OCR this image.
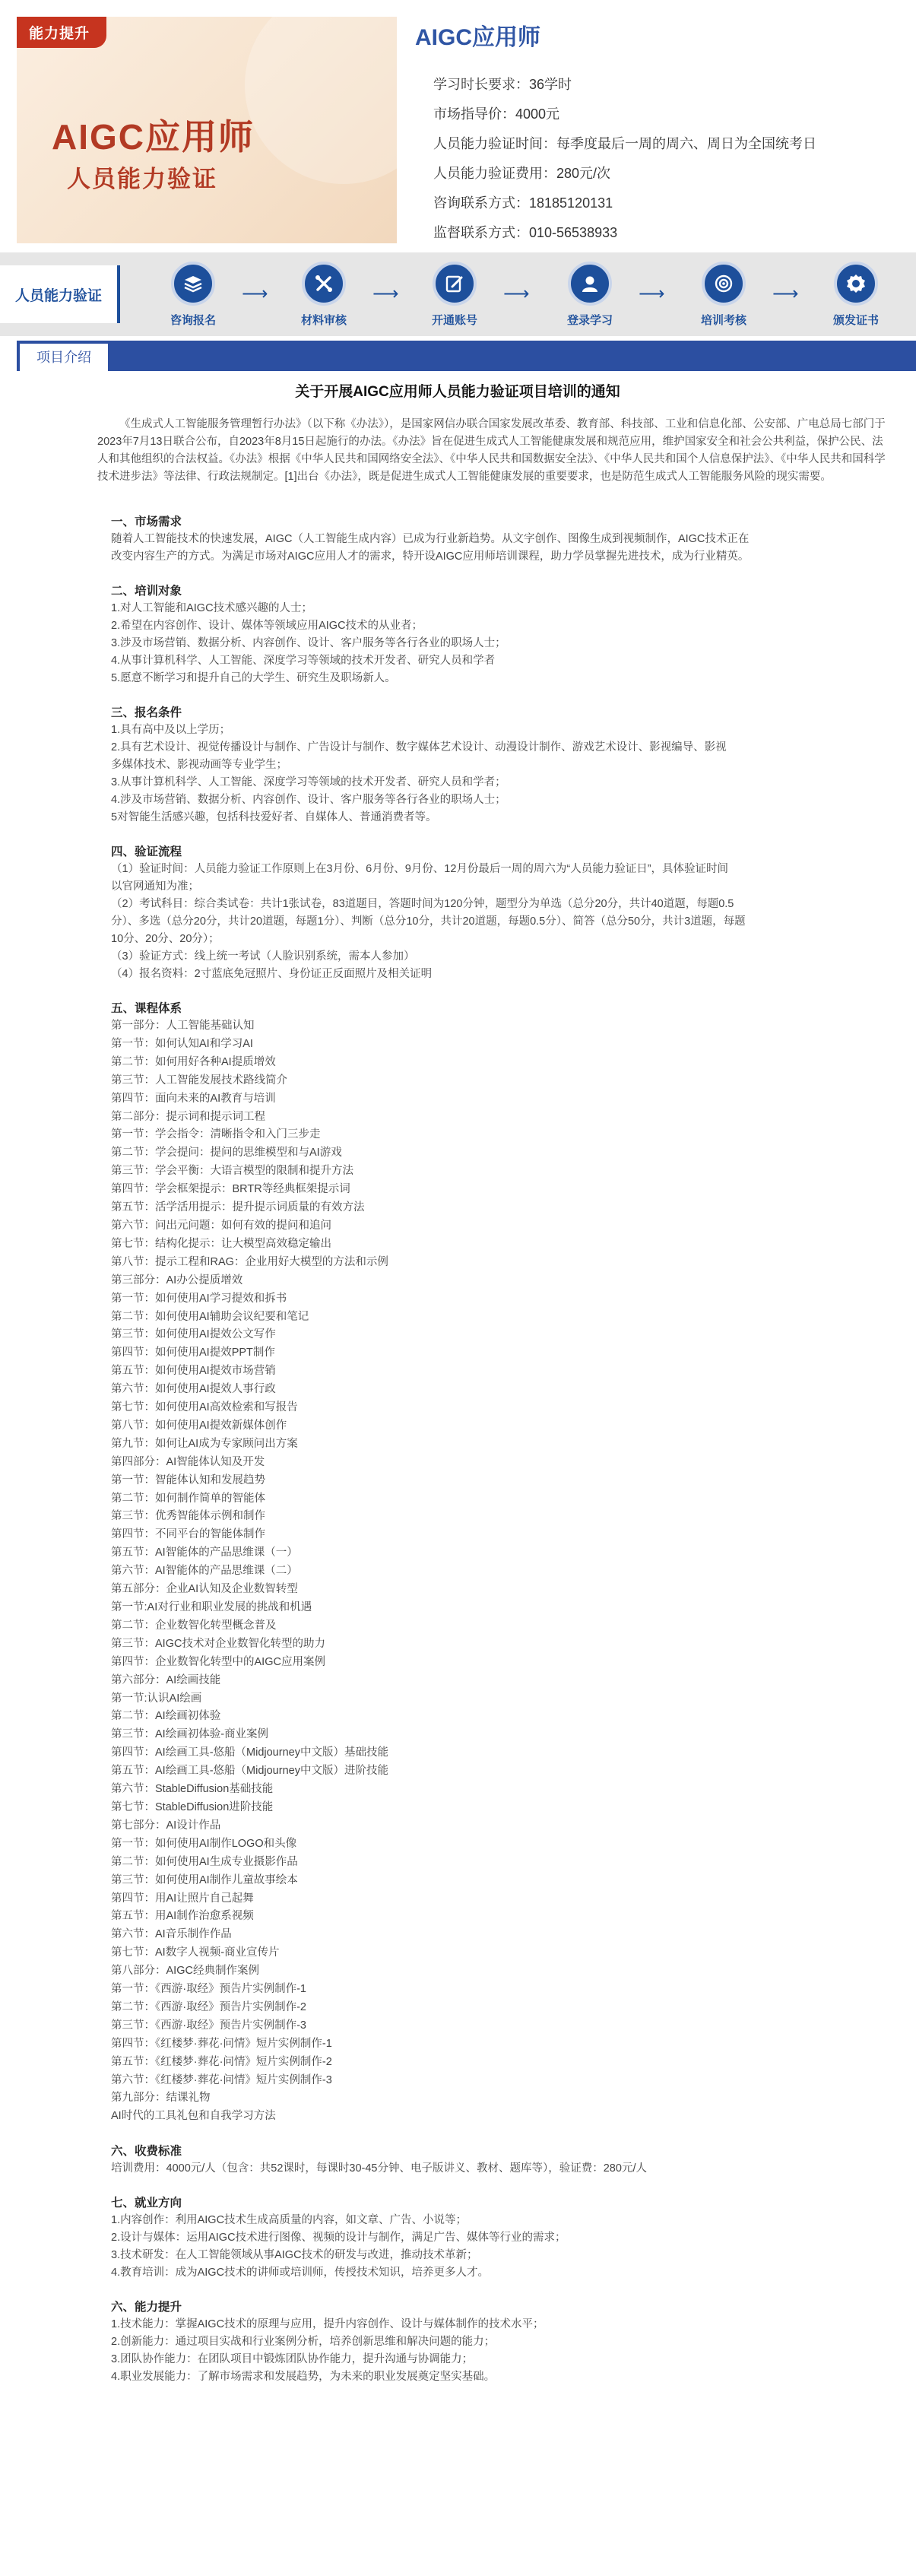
能力提升
AIGC应用师
人员能力验证
AIGC应用师
学习时长要求：36学时
市场指导价：4000元
人员能力验证时间：每季度最后一周的周六、周日为全国统考日
人员能力验证费用：280元/次
咨询联系方式：18185120131
监督联系方式：010-56538933
人员能力验证
咨询报名
⟶
材料审核
⟶
开通账号
⟶
登录学习
⟶
培训考核
⟶
颁发证书
项目介绍
关于开展AIGC应用师人员能力验证项目培训的通知
《生成式人工智能服务管理暂行办法》（以下称《办法》），是国家网信办联合国家发展改革委、教育部、科技部、工业和信息化部、公安部、广电总局七部门于2023年7月13日联合公布，自2023年8月15日起施行的办法。《办法》旨在促进生成式人工智能健康发展和规范应用，维护国家安全和社会公共利益，保护公民、法人和其他组织的合法权益。《办法》根据《中华人民共和国网络安全法》、《中华人民共和国数据安全法》、《中华人民共和国个人信息保护法》、《中华人民共和国科学技术进步法》等法律、行政法规制定。[1]出台《办法》，既是促进生成式人工智能健康发展的重要要求，也是防范生成式人工智能服务风险的现实需要。
一、市场需求
随着人工智能技术的快速发展，AIGC（人工智能生成内容）已成为行业新趋势。从文字创作、图像生成到视频制作，AIGC技术正在
改变内容生产的方式。为满足市场对AIGC应用人才的需求，特开设AIGC应用师培训课程，助力学员掌握先进技术，成为行业精英。
二、培训对象
1.对人工智能和AIGC技术感兴趣的人士；
2.希望在内容创作、设计、媒体等领域应用AIGC技术的从业者；
3.涉及市场营销、数据分析、内容创作、设计、客户服务等各行各业的职场人士；
4.从事计算机科学、人工智能、深度学习等领域的技术开发者、研究人员和学者
5.愿意不断学习和提升自己的大学生、研究生及职场新人。
三、报名条件
1.具有高中及以上学历；
2.具有艺术设计、视觉传播设计与制作、广告设计与制作、数字媒体艺术设计、动漫设计制作、游戏艺术设计、影视编导、影视
多媒体技术、影视动画等专业学生；
3.从事计算机科学、人工智能、深度学习等领域的技术开发者、研究人员和学者；
4.涉及市场营销、数据分析、内容创作、设计、客户服务等各行各业的职场人士；
5对智能生活感兴趣，包括科技爱好者、自媒体人、普通消费者等。
四、验证流程
（1）验证时间：人员能力验证工作原则上在3月份、6月份、9月份、12月份最后一周的周六为“人员能力验证日”，具体验证时间
以官网通知为准；
（2）考试科目：综合类试卷：共计1张试卷，83道题目，答题时间为120分钟，题型分为单选（总分20分，共计40道题，每题0.5
分）、多选（总分20分，共计20道题，每题1分）、判断（总分10分，共计20道题，每题0.5分）、简答（总分50分，共计3道题，每题
10分、20分、20分）；
（3）验证方式：线上统一考试（人脸识别系统，需本人参加）
（4）报名资料：2寸蓝底免冠照片、身份证正反面照片及相关证明
五、课程体系
第一部分：人工智能基础认知
第一节：如何认知AI和学习AI
第二节：如何用好各种AI提质增效
第三节：人工智能发展技术路线简介
第四节：面向未来的AI教育与培训
第二部分：提示词和提示词工程
第一节：学会指令：清晰指令和入门三步走
第二节：学会提问：提问的思维模型和与AI游戏
第三节：学会平衡：大语言模型的限制和提升方法
第四节：学会框架提示：BRTR等经典框架提示词
第五节：活学活用提示：提升提示词质量的有效方法
第六节：问出元问题：如何有效的提问和追问
第七节：结构化提示：让大模型高效稳定输出
第八节：提示工程和RAG：企业用好大模型的方法和示例
第三部分：AI办公提质增效
第一节：如何使用AI学习提效和拆书
第二节：如何使用AI辅助会议纪要和笔记
第三节：如何使用AI提效公文写作
第四节：如何使用AI提效PPT制作
第五节：如何使用AI提效市场营销
第六节：如何使用AI提效人事行政
第七节：如何使用AI高效检索和写报告
第八节：如何使用AI提效新媒体创作
第九节：如何让AI成为专家顾问出方案
第四部分：AI智能体认知及开发
第一节：智能体认知和发展趋势
第二节：如何制作简单的智能体
第三节：优秀智能体示例和制作
第四节：不同平台的智能体制作
第五节：AI智能体的产品思维课（一）
第六节：AI智能体的产品思维课（二）
第五部分：企业AI认知及企业数智转型
第一节:AI对行业和职业发展的挑战和机遇
第二节：企业数智化转型概念普及
第三节：AIGC技术对企业数智化转型的助力
第四节：企业数智化转型中的AIGC应用案例
第六部分：AI绘画技能
第一节:认识AI绘画
第二节：AI绘画初体验
第三节：AI绘画初体验-商业案例
第四节：AI绘画工具-悠船（Midjourney中文版）基础技能
第五节：AI绘画工具-悠船（Midjourney中文版）进阶技能
第六节：StableDiffusion基础技能
第七节：StableDiffusion进阶技能
第七部分：AI设计作品
第一节：如何使用AI制作LOGO和头像
第二节：如何使用AI生成专业摄影作品
第三节：如何使用AI制作儿童故事绘本
第四节：用AI让照片自己起舞
第五节：用AI制作治愈系视频
第六节：AI音乐制作作品
第七节：AI数字人视频-商业宣传片
第八部分：AIGC经典制作案例
第一节：《西游·取经》预告片实例制作-1
第二节：《西游·取经》预告片实例制作-2
第三节：《西游·取经》预告片实例制作-3
第四节：《红楼梦·葬花·问情》短片实例制作-1
第五节：《红楼梦·葬花·问情》短片实例制作-2
第六节：《红楼梦·葬花·问情》短片实例制作-3
第九部分：结课礼物
AI时代的工具礼包和自我学习方法
六、收费标准
培训费用：4000元/人（包含：共52课时，每课时30-45分钟、电子版讲义、教材、题库等），验证费：280元/人
七、就业方向
1.内容创作：利用AIGC技术生成高质量的内容，如文章、广告、小说等；
2.设计与媒体：运用AIGC技术进行图像、视频的设计与制作，满足广告、媒体等行业的需求；
3.技术研发：在人工智能领域从事AIGC技术的研发与改进，推动技术革新；
4.教育培训：成为AIGC技术的讲师或培训师，传授技术知识，培养更多人才。
六、能力提升
1.技术能力：掌握AIGC技术的原理与应用，提升内容创作、设计与媒体制作的技术水平；
2.创新能力：通过项目实战和行业案例分析，培养创新思维和解决问题的能力；
3.团队协作能力：在团队项目中锻炼团队协作能力，提升沟通与协调能力；
4.职业发展能力：了解市场需求和发展趋势，为未来的职业发展奠定坚实基础。
